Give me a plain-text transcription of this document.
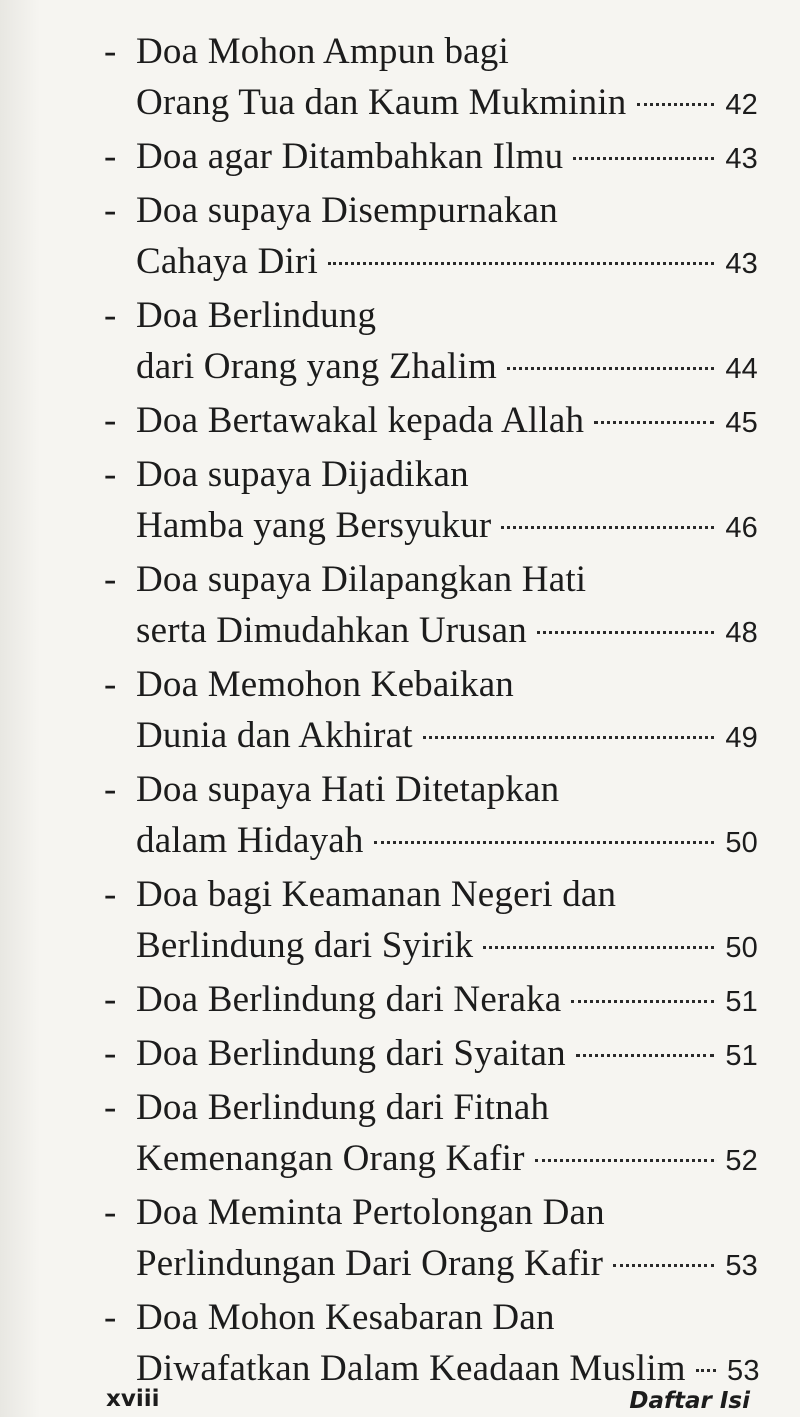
- Doa Mohon Ampun bagi
Orang Tua dan Kaum Mukminin	42
- Doa agar Ditambahkan Ilmu	43
- Doa supaya Disempurnakan
Cahaya Diri	43
- Doa Berlindung
dari Orang yang Zhalim	44
- Doa Bertawakal kepada Allah	45
- Doa supaya Dijadikan
Hamba yang Bersyukur	46
- Doa supaya Dilapangkan Hati
serta Dimudahkan Urusan	48
- Doa Memohon Kebaikan
Dunia dan Akhirat	49
- Doa supaya Hati Ditetapkan
dalam Hidayah	50
- Doa bagi Keamanan Negeri dan
Berlindung dari Syirik	50
- Doa Berlindung dari Neraka	51
- Doa Berlindung dari Syaitan	51
- Doa Berlindung dari Fitnah
Kemenangan Orang Kafir	52
- Doa Meminta Pertolongan Dan
Perlindungan Dari Orang Kafir	53
- Doa Mohon Kesabaran Dan
Diwafatkan Dalam Keadaan Muslim 53
xviii	Daftar Isi
